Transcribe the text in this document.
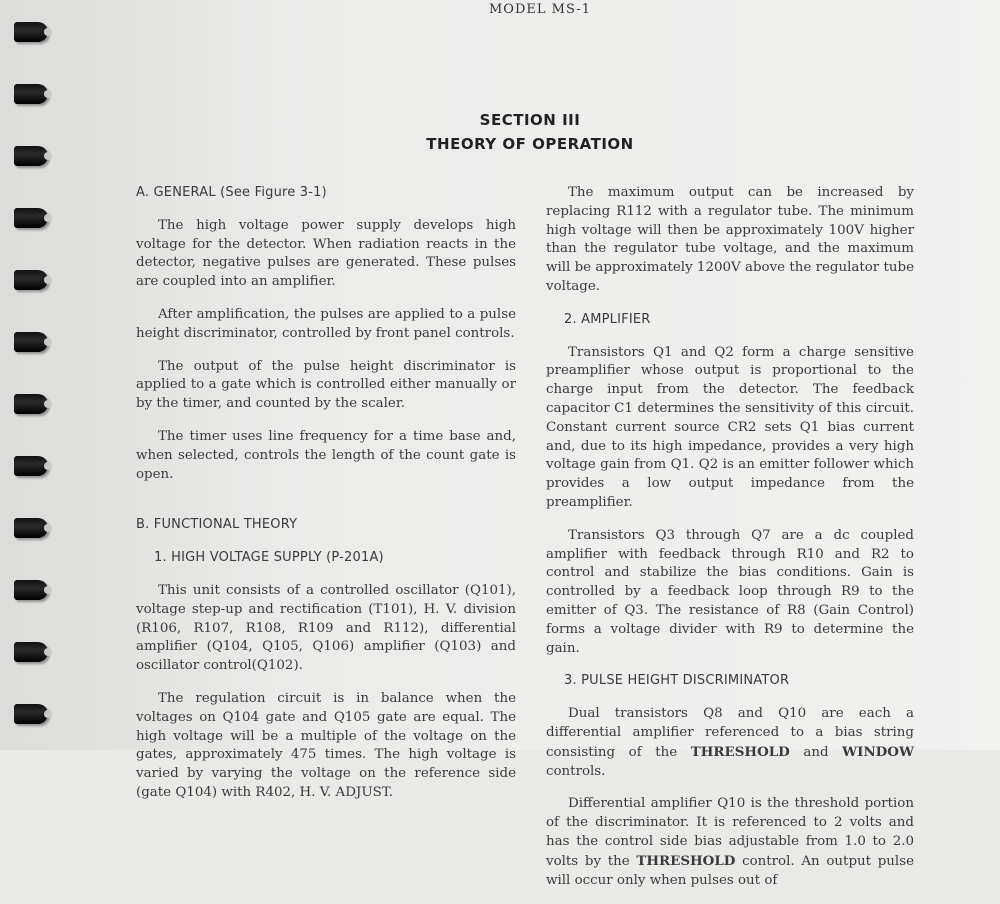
MODEL MS-1
SECTION III
THEORY OF OPERATION

A. GENERAL (See Figure 3-1)

The high voltage power supply develops high voltage for the detector. When radiation reacts in the detector, negative pulses are generated. These pulses are coupled into an amplifier.

After amplification, the pulses are applied to a pulse height discriminator, controlled by front panel controls.

The output of the pulse height discriminator is applied to a gate which is controlled either manually or by the timer, and counted by the scaler.

The timer uses line frequency for a time base and, when selected, controls the length of the count gate is open.

B. FUNCTIONAL THEORY

1. HIGH VOLTAGE SUPPLY (P-201A)

This unit consists of a controlled oscillator (Q101), voltage step-up and rectification (T101), H. V. division (R106, R107, R108, R109 and R112), differential amplifier (Q104, Q105, Q106) amplifier (Q103) and oscillator control(Q102).

The regulation circuit is in balance when the voltages on Q104 gate and Q105 gate are equal. The high voltage will be a multiple of the voltage on the gates, approximately 475 times. The high voltage is varied by varying the voltage on the reference side (gate Q104) with R402, H. V. ADJUST.

The maximum output can be increased by replacing R112 with a regulator tube. The minimum high voltage will then be approximately 100V higher than the regulator tube voltage, and the maximum will be approximately 1200V above the regulator tube voltage.

2. AMPLIFIER

Transistors Q1 and Q2 form a charge sensitive preamplifier whose output is proportional to the charge input from the detector. The feedback capacitor C1 determines the sensitivity of this circuit. Constant current source CR2 sets Q1 bias current and, due to its high impedance, provides a very high voltage gain from Q1. Q2 is an emitter follower which provides a low output impedance from the preamplifier.

Transistors Q3 through Q7 are a dc coupled amplifier with feedback through R10 and R2 to control and stabilize the bias conditions. Gain is controlled by a feedback loop through R9 to the emitter of Q3. The resistance of R8 (Gain Control) forms a voltage divider with R9 to determine the gain.

3. PULSE HEIGHT DISCRIMINATOR

Dual transistors Q8 and Q10 are each a differential amplifier referenced to a bias string consisting of the THRESHOLD and WINDOW controls.

Differential amplifier Q10 is the threshold portion of the discriminator. It is referenced to 2 volts and has the control side bias adjustable from 1.0 to 2.0 volts by the THRESHOLD control. An output pulse will occur only when pulses out of
